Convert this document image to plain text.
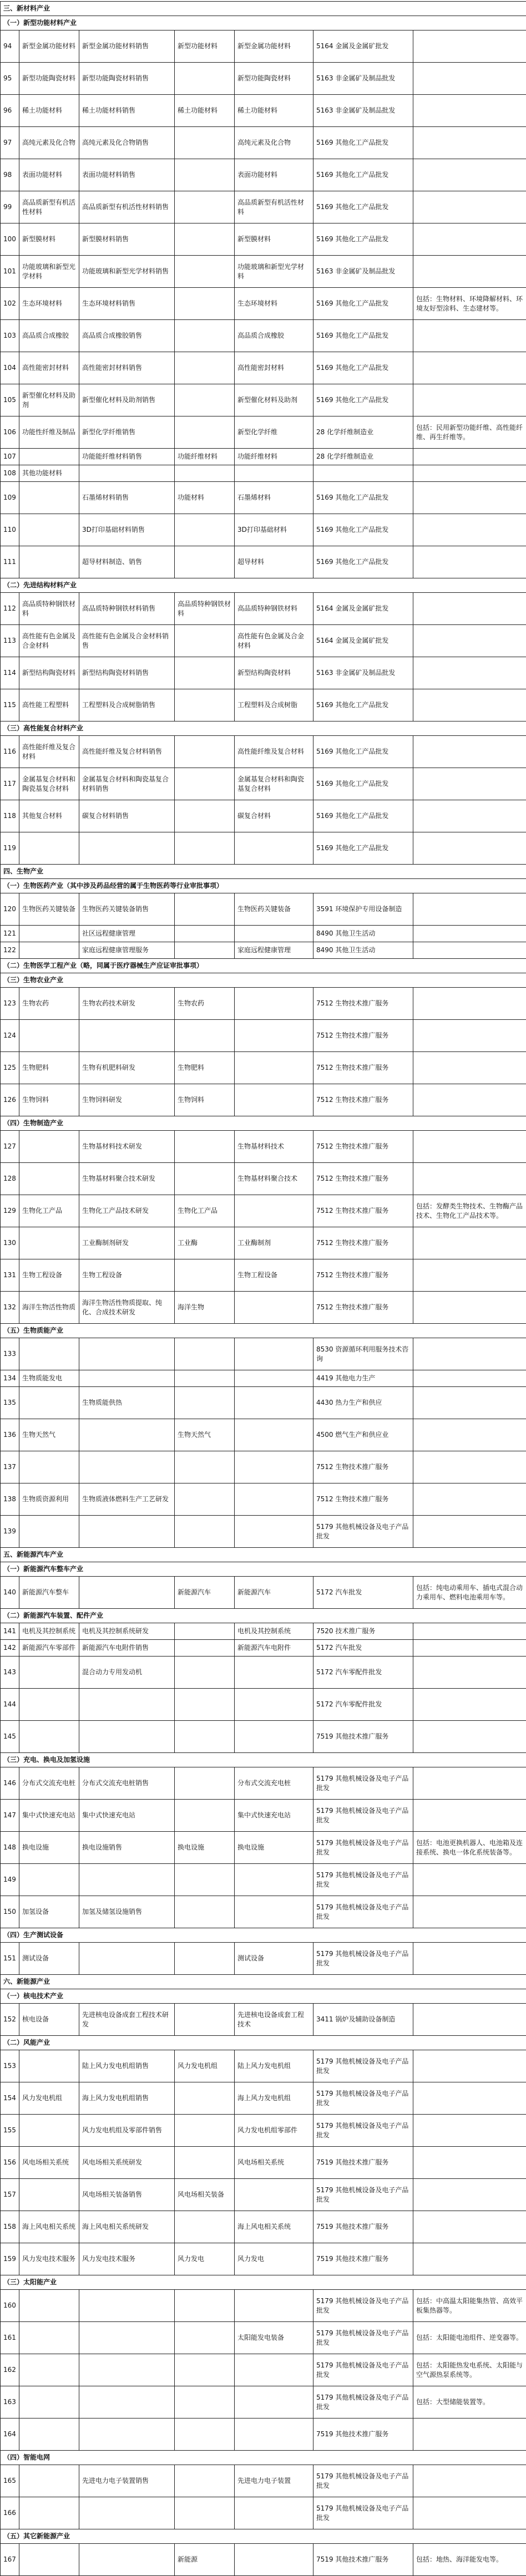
三、新材料产业						
（一）新型功能材料产业						
94	新型金属功能材料	新型金属功能材料销售	新型功能材料	新型金属功能材料	5164 金属及金属矿批发	
95	新型功能陶瓷材料	新型功能陶瓷材料销售		新型功能陶瓷材料	5163 非金属矿及制品批发	
96	稀土功能材料	稀土功能材料销售	稀土功能材料	稀土功能材料	5163 非金属矿及制品批发	
97	高纯元素及化合物	高纯元素及化合物销售		高纯元素及化合物	5169 其他化工产品批发	
98	表面功能材料	表面功能材料销售		表面功能材料	5169 其他化工产品批发	
99	高品质新型有机活性材料	高品质新型有机活性材料销售		高品质新型有机活性材料	5169 其他化工产品批发	
100	新型膜材料	新型膜材料销售		新型膜材料	5169 其他化工产品批发	
101	功能玻璃和新型光学材料	功能玻璃和新型光学材料销售		功能玻璃和新型光学材料	5163 非金属矿及制品批发	
102	生态环境材料	生态环境材料销售		生态环境材料	5169 其他化工产品批发	包括：生物材料、环境降解材料、环境友好型涂料、生态建材等。
103	高品质合成橡胶	高品质合成橡胶销售		高品质合成橡胶	5169 其他化工产品批发	
104	高性能密封材料	高性能密封材料销售		高性能密封材料	5169 其他化工产品批发	
105	新型催化材料及助剂	新型催化材料及助剂销售		新型催化材料及助剂	5169 其他化工产品批发	
106	功能性纤维及制品	新型化学纤维销售		新型化学纤维	28 化学纤维制造业	包括：民用新型功能纤维、高性能纤维、再生纤维等。
107		功能能纤维材料销售	功能纤维材料	功能纤维材料	28 化学纤维制造业	
108	其他功能材料					
109		石墨烯材料销售	功能材料	石墨烯材料	5169 其他化工产品批发	
110		3D打印基础材料销售		3D打印基础材料	5169 其他化工产品批发	
111		超导材料制造、销售		超导材料	5169 其他化工产品批发	
（二）先进结构材料产业						
112	高品质特种钢铁材料	高品质特种钢铁材料销售	高品质特种钢铁材料	高品质特种钢铁材料	5164 金属及金属矿批发	
113	高性能有色金属及合金材料	高性能有色金属及合金材料销售		高性能有色金属及合金材料	5164 金属及金属矿批发	
114	新型结构陶瓷材料	新型结构陶瓷材料销售		新型结构陶瓷材料	5163 非金属矿及制品批发	
115	高性能工程塑料	工程塑料及合成树脂销售		工程塑料及合成树脂	5169 其他化工产品批发	
（三）高性能复合材料产业						
116	高性能纤维及复合材料	高性能纤维及复合材料销售		高性能纤维及复合材料	5169 其他化工产品批发	
117	金属基复合材料和陶瓷基复合材料	金属基复合材料和陶瓷基复合材料销售		金属基复合材料和陶瓷基复合材料	5169 其他化工产品批发	
118	其他复合材料	碳复合材料销售		碳复合材料	5169 其他化工产品批发	
119					5169 其他化工产品批发	
四、生物产业						
（一）生物医药产业（其中涉及药品经营的属于生物医药等行业审批事项）						
120	生物医药关键装备	生物医药关键装备销售		生物医药关键装备	3591 环境保护专用设备制造	
121		社区远程健康管理			8490 其他卫生活动	
122		家庭远程健康管理服务		家庭远程健康管理	8490 其他卫生活动	
（二）生物医学工程产业（略，同属于医疗器械生产应证审批事项）						
（三）生物农业产业						
123	生物农药	生物农药技术研发	生物农药		7512 生物技术推广服务	
124					7512 生物技术推广服务	
125	生物肥料	生物有机肥料研发	生物肥料		7512 生物技术推广服务	
126	生物饲料	生物饲料研发	生物饲料		7512 生物技术推广服务	
（四）生物制造产业						
127		生物基材料技术研发		生物基材料技术	7512 生物技术推广服务	
128		生物基材料聚合技术研发		生物基材料聚合技术	7512 生物技术推广服务	
129	生物化工产品	生物化工产品技术研发	生物化工产品		7512 生物技术推广服务	包括：发酵类生物技术、生物酶产品技术、生物化工产品技术等。
130		工业酶制剂研发	工业酶	工业酶制剂	7512 生物技术推广服务	
131	生物工程设备	生物工程设备		生物工程设备	7512 生物技术推广服务	
132	海洋生物活性物质	海洋生物活性物质提取、纯化、合成技术研发	海洋生物		7512 生物技术推广服务	
（五）生物质能产业						
133					8530 资源循环利用服务技术咨询	
134	生物质能发电				4419 其他电力生产	
135		生物质能供热			4430 热力生产和供应	
136	生物天然气		生物天然气		4500 燃气生产和供应业	
137					7512 生物技术推广服务	
138	生物质资源利用	生物质液体燃料生产工艺研发			7512 生物技术推广服务	
139					5179 其他机械设备及电子产品批发	
五、新能源汽车产业						
（一）新能源汽车整车产业						
140	新能源汽车整车		新能源汽车	新能源汽车	5172 汽车批发	包括：纯电动乘用车、插电式混合动力乘用车、燃料电池乘用车等。
（二）新能源汽车装置、配件产业						
141	电机及其控制系统	电机及其控制系统研发		电机及其控制系统	7520 技术推广服务	
142	新能源汽车零部件	新能源汽车电附件销售		新能源汽车电附件	5172 汽车批发	
143		混合动力专用发动机			5172 汽车零配件批发	
144					5172 汽车零配件批发	
145					7519 其他技术推广服务	
（三）充电、换电及加氢设施						
146	分布式交流充电桩	分布式交流充电桩销售		分布式交流充电桩	5179 其他机械设备及电子产品批发	
147	集中式快速充电站	集中式快速充电站		集中式快速充电站	5179 其他机械设备及电子产品批发	
148	换电设施	换电设施销售	换电设施	换电设施	5179 其他机械设备及电子产品批发	包括：电池更换机器人、电池箱及连接系统、换电一体化系统装备等。
149					5179 其他机械设备及电子产品批发	
150	加氢设备	加氢及储氢设施销售			5179 其他机械设备及电子产品批发	
（四）生产测试设备						
151	测试设备			测试设备	5179 其他机械设备及电子产品批发	
六、新能源产业						
（一）核电技术产业						
152	核电设备	先进核电设备成套工程技术研发		先进核电设备成套工程技术	3411 锅炉及辅助设备制造	
（二）风能产业						
153		陆上风力发电机组销售	风力发电机组	陆上风力发电机组	5179 其他机械设备及电子产品批发	
154	风力发电机组	海上风力发电机组销售		海上风力发电机组	5179 其他机械设备及电子产品批发	
155		风力发电机组及零部件销售		风力发电机组零部件	5179 其他机械设备及电子产品批发	
156	风电场相关系统	风电场相关系统研发		风电场相关系统	7519 其他技术推广服务	
157		风电场相关装备销售	风电场相关装备		5179 其他机械设备及电子产品批发	
158	海上风电相关系统	海上风电相关系统研发		海上风电相关系统	7519 其他技术推广服务	
159	风力发电技术服务	风力发电技术服务	风力发电	风力发电	7519 其他技术推广服务	
（三）太阳能产业						
160					5179 其他机械设备及电子产品批发	包括：中高温太阳能集热管、高效平板集热器等。
161				太阳能发电装备	5179 其他机械设备及电子产品批发	包括：太阳能电池组件、逆变器等。
162					5179 其他机械设备及电子产品批发	包括：太阳能热发电系统、太阳能与空气源热泵系统等。
163					5179 其他机械设备及电子产品批发	包括：大型储能装置等。
164					7519 其他技术推广服务	
（四）智能电网						
165		先进电力电子装置销售		先进电力电子装置	5179 其他机械设备及电子产品批发	
166					5179 其他机械设备及电子产品批发	
（五）其它新能源产业						
167			新能源		7519 其他技术推广服务	包括：地热、海洋能发电等。
